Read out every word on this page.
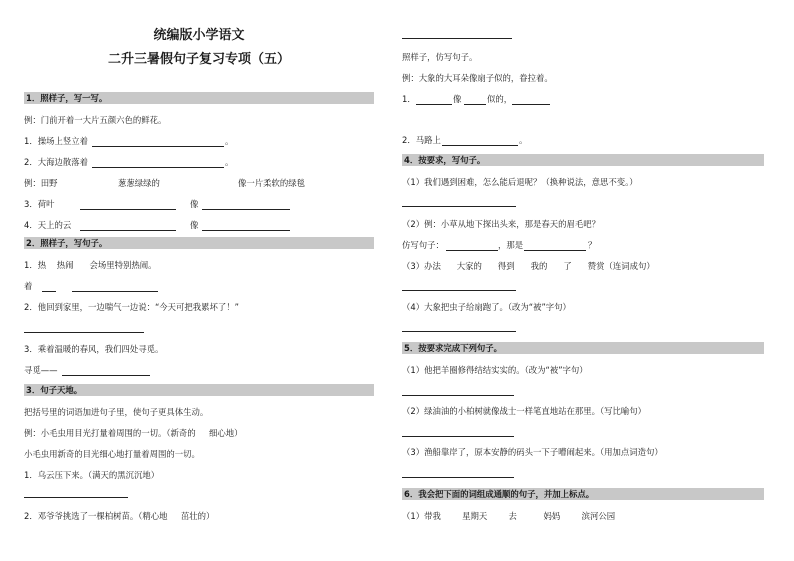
统编版小学语文
二升三暑假句子复习专项（五）
1．照样子，写一写。
例：门前开着一大片五颜六色的鲜花。
1．操场上竖立着	。
2．大海边散落着	。
例：田野	葱葱绿绿的	像一片柔软的绿毯
3．荷叶	像
4．天上的云	像
2．照样子，写句子。
1．热    热闹      会场里特别热闹。
着
2．他回到家里，一边喘气一边说：“今天可把我累坏了！”
3．乘着温暖的春风，我们四处寻觅。
寻觅——
3．句子天地。
把括号里的词语加进句子里，使句子更具体生动。
例：小毛虫用目光打量着周围的一切。（新奇的     细心地）
小毛虫用新奇的目光细心地打量着周围的一切。
1．乌云压下来。（满天的黑沉沉地）
2．邓爷爷挑选了一棵柏树苗。（精心地     茁壮的）
照样子，仿写句子。
例：大象的大耳朵像扇子似的，眷拉着。
1．	像	似的，
2．马路上	。
4．按要求，写句子。
（1）我们遇到困难，怎么能后退呢？（换种说法，意思不变。）
（2）例：小草从地下探出头来，那是春天的眉毛吧？
仿写句子：	，那是	？
（3）办法      大家的      得到      我的      了      赞赏（连词成句）
（4）大象把虫子给扇跑了。（改为“被”字句）
5．按要求完成下列句子。
（1）他把羊圈修得结结实实的。（改为“被”字句）
（2）绿油油的小柏树就像战士一样笔直地站在那里。（写比喻句）
（3）渔船靠岸了，原本安静的码头一下子嘈闹起来。（用加点词造句）
6．我会把下面的词组成通顺的句子，并加上标点。
（1）带我        星期天        去          妈妈        滨河公园
